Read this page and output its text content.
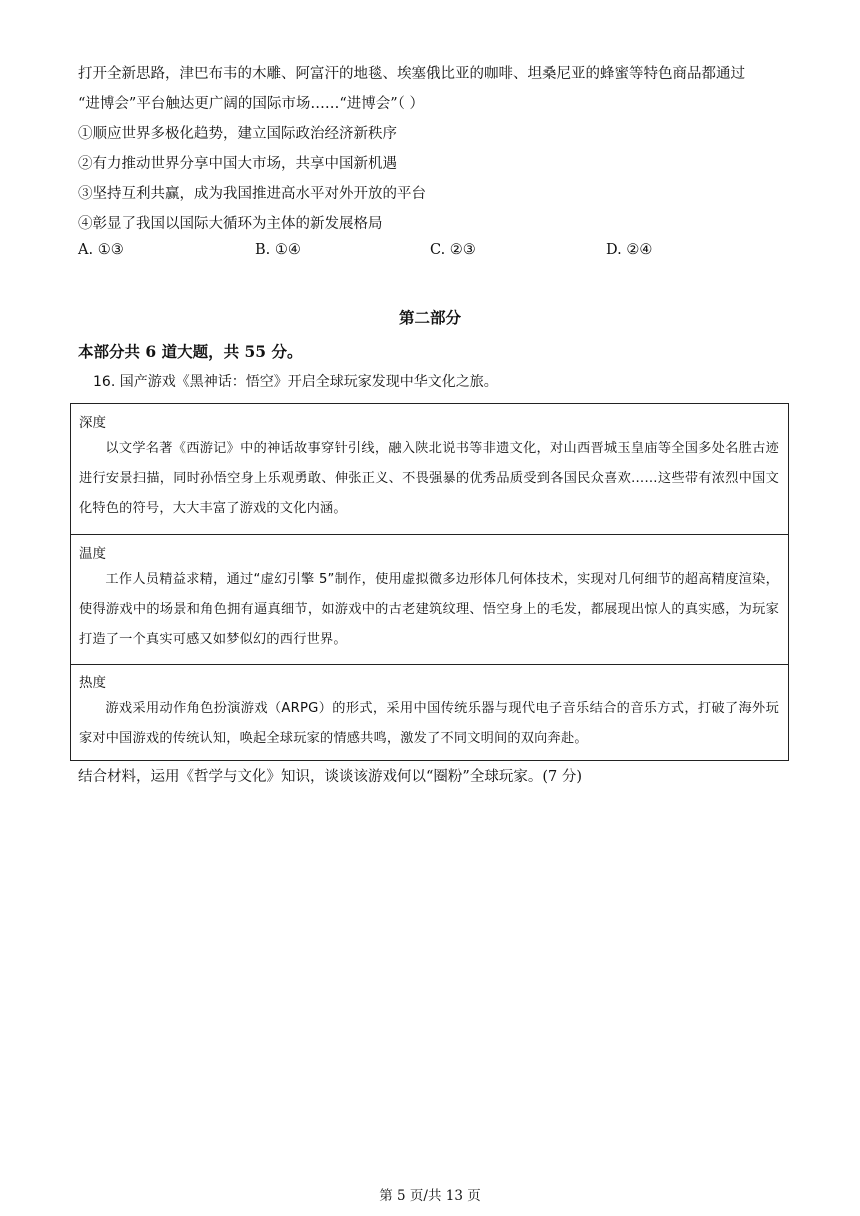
打开全新思路，津巴布韦的木雕、阿富汗的地毯、埃塞俄比亚的咖啡、坦桑尼亚的蜂蜜等特色商品都通过
“进博会”平台触达更广阔的国际市场……“进博会”（ ）
①顺应世界多极化趋势，建立国际政治经济新秩序
②有力推动世界分享中国大市场，共享中国新机遇
③坚持互利共赢，成为我国推进高水平对外开放的平台
④彰显了我国以国际大循环为主体的新发展格局
A. ①③	B. ①④	C. ②③	D. ②④
第二部分
本部分共 6 道大题，共 55 分。
16. 国产游戏《黑神话：悟空》开启全球玩家发现中华文化之旅。
深度
以文学名著《西游记》中的神话故事穿针引线，融入陕北说书等非遗文化，对山西晋城玉皇庙等全国多处名胜古迹进行安景扫描，同时孙悟空身上乐观勇敢、伸张正义、不畏强暴的优秀品质受到各国民众喜欢……这些带有浓烈中国文化特色的符号，大大丰富了游戏的文化内涵。
温度
工作人员精益求精，通过“虚幻引擎 5”制作，使用虚拟微多边形体几何体技术，实现对几何细节的超高精度渲染，使得游戏中的场景和角色拥有逼真细节，如游戏中的古老建筑纹理、悟空身上的毛发，都展现出惊人的真实感，为玩家打造了一个真实可感又如梦似幻的西行世界。
热度
游戏采用动作角色扮演游戏（ARPG）的形式，采用中国传统乐器与现代电子音乐结合的音乐方式，打破了海外玩家对中国游戏的传统认知，唤起全球玩家的情感共鸣，激发了不同文明间的双向奔赴。
结合材料，运用《哲学与文化》知识，谈谈该游戏何以“圈粉”全球玩家。(7 分)
第 5 页/共 13 页
